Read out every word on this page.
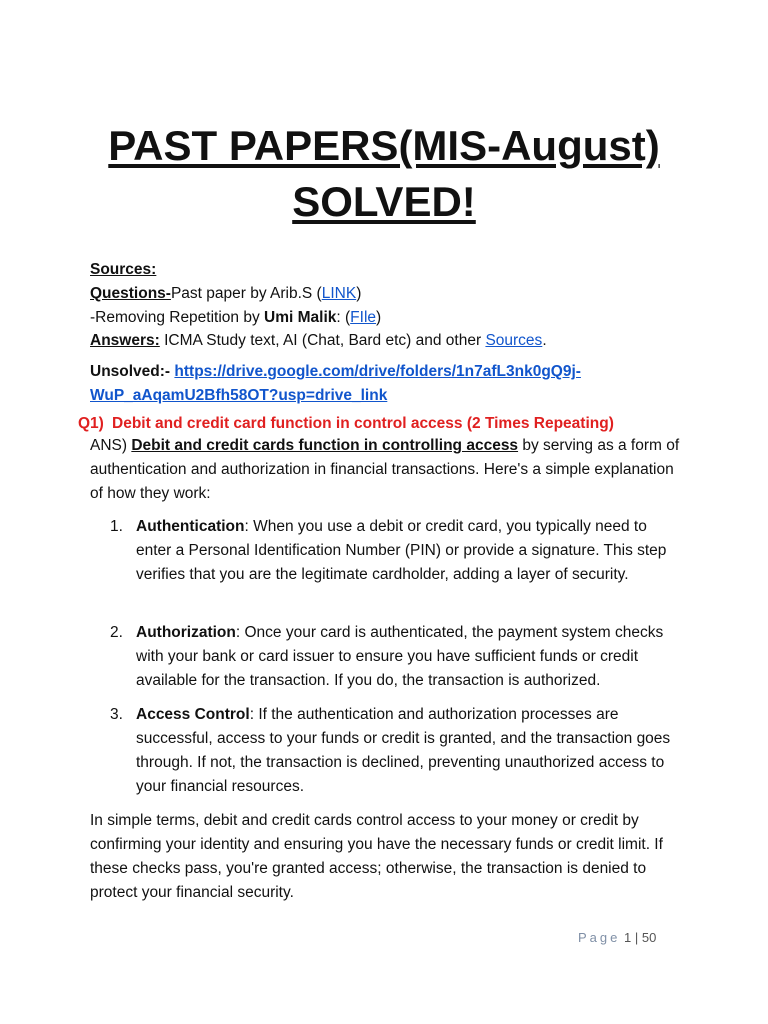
PAST PAPERS(MIS-August)
SOLVED!
Sources:
Questions-Past paper by Arib.S (LINK)
-Removing Repetition by Umi Malik: (FIle)
Answers: ICMA Study text, AI (Chat, Bard etc) and other Sources.
Unsolved:- https://drive.google.com/drive/folders/1n7afL3nk0gQ9j-
WuP_aAqamU2Bfh58OT?usp=drive_link
Q1) Debit and credit card function in control access (2 Times Repeating)
ANS) Debit and credit cards function in controlling access by serving as a form of authentication and authorization in financial transactions. Here's a simple explanation of how they work:
1. Authentication: When you use a debit or credit card, you typically need to enter a Personal Identification Number (PIN) or provide a signature. This step verifies that you are the legitimate cardholder, adding a layer of security.
2. Authorization: Once your card is authenticated, the payment system checks with your bank or card issuer to ensure you have sufficient funds or credit available for the transaction. If you do, the transaction is authorized.
3. Access Control: If the authentication and authorization processes are successful, access to your funds or credit is granted, and the transaction goes through. If not, the transaction is declined, preventing unauthorized access to your financial resources.
In simple terms, debit and credit cards control access to your money or credit by confirming your identity and ensuring you have the necessary funds or credit limit. If these checks pass, you're granted access; otherwise, the transaction is denied to protect your financial security.
Page 1 | 50
